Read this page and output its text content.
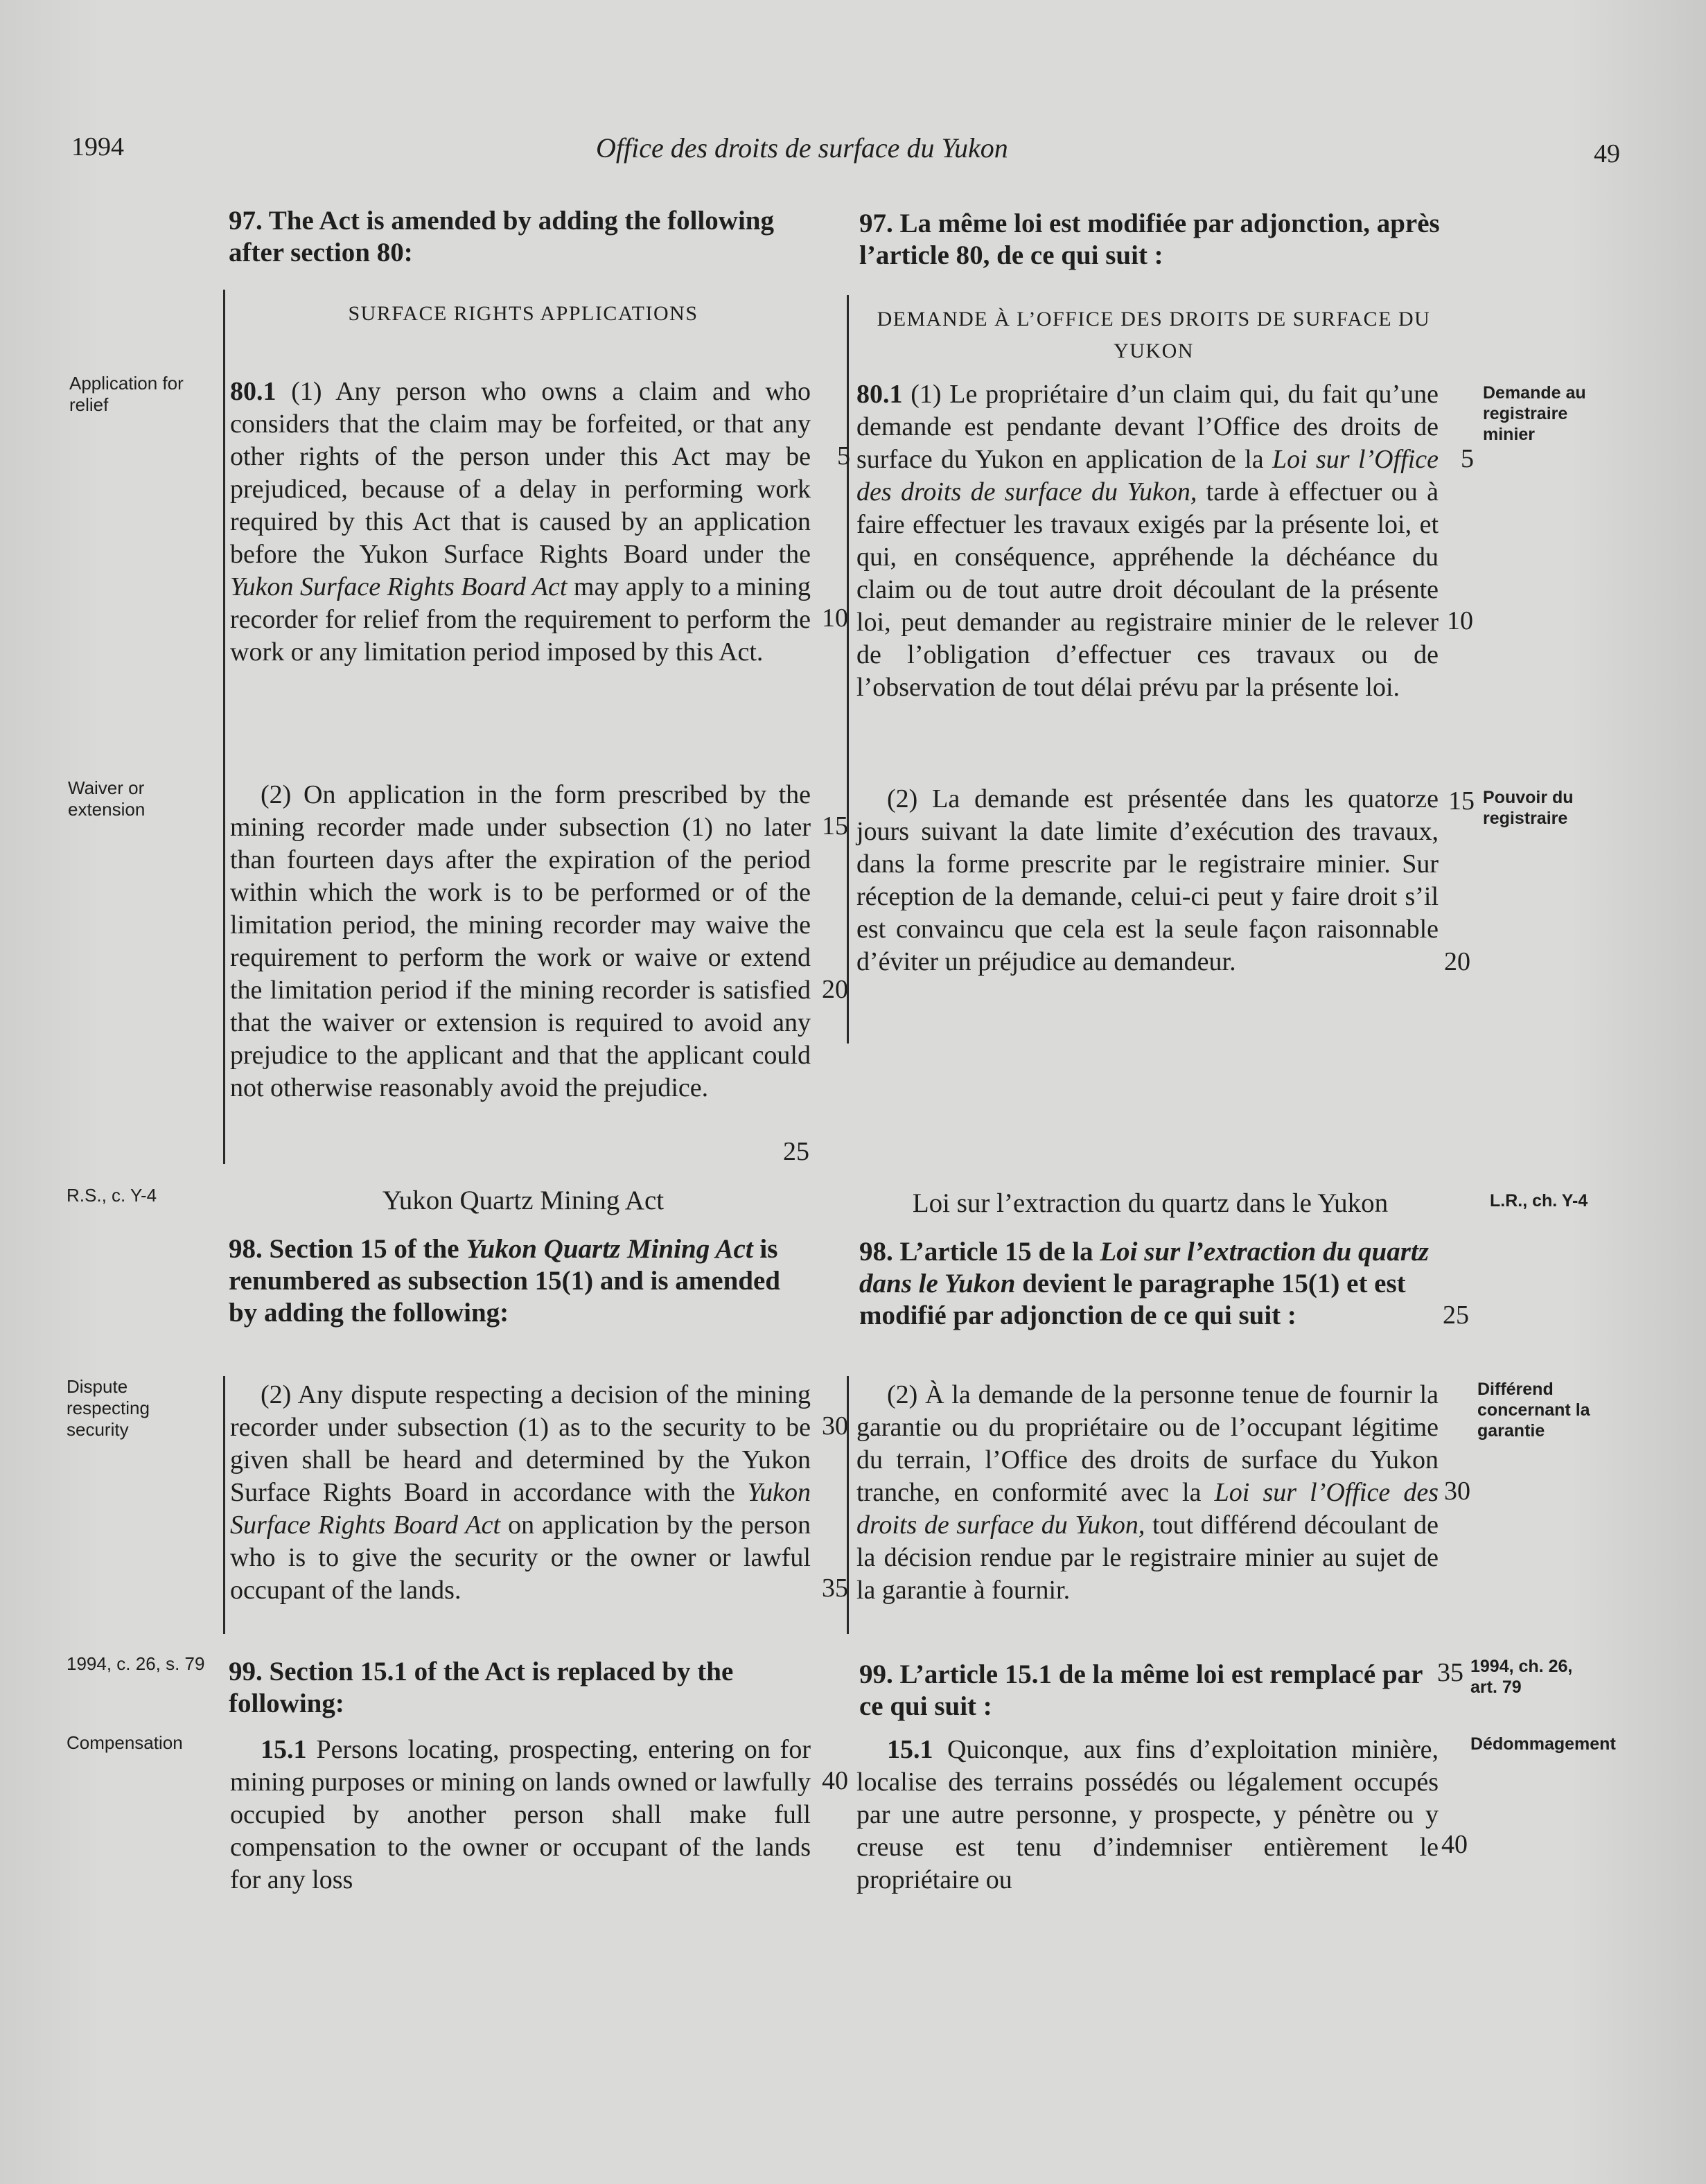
1994	Office des droits de surface du Yukon	49
97. The Act is amended by adding the following after section 80:
97. La même loi est modifiée par adjonction, après l’article 80, de ce qui suit :
SURFACE RIGHTS APPLICATIONS	DEMANDE À L’OFFICE DES DROITS DE SURFACE DU YUKON
80.1 (1) Any person who owns a claim and who considers that the claim may be forfeited, or that any other rights of the person under this Act may be prejudiced, because of a delay in performing work required by this Act that is caused by an application before the Yukon Surface Rights Board under the Yukon Surface Rights Board Act may apply to a mining recorder for relief from the requirement to perform the work or any limitation period imposed by this Act.
80.1 (1) Le propriétaire d’un claim qui, du fait qu’une demande est pendante devant l’Office des droits de surface du Yukon en application de la Loi sur l’Office des droits de surface du Yukon, tarde à effectuer ou à faire effectuer les travaux exigés par la présente loi, et qui, en conséquence, appréhende la déchéance du claim ou de tout autre droit découlant de la présente loi, peut demander au registraire minier de le relever de l’obligation d’effectuer ces travaux ou de l’observation de tout délai prévu par la présente loi.
(2) On application in the form prescribed by the mining recorder made under subsection (1) no later than fourteen days after the expiration of the period within which the work is to be performed or of the limitation period, the mining recorder may waive the requirement to perform the work or waive or extend the limitation period if the mining recorder is satisfied that the waiver or extension is required to avoid any prejudice to the applicant and that the applicant could not otherwise reasonably avoid the prejudice.
(2) La demande est présentée dans les quatorze jours suivant la date limite d’exécution des travaux, dans la forme prescrite par le registraire minier. Sur réception de la demande, celui-ci peut y faire droit s’il est convaincu que cela est la seule façon raisonnable d’éviter un préjudice au demandeur.
Yukon Quartz Mining Act	Loi sur l’extraction du quartz dans le Yukon
98. Section 15 of the Yukon Quartz Mining Act is renumbered as subsection 15(1) and is amended by adding the following:
98. L’article 15 de la Loi sur l’extraction du quartz dans le Yukon devient le paragraphe 15(1) et est modifié par adjonction de ce qui suit :
(2) Any dispute respecting a decision of the mining recorder under subsection (1) as to the security to be given shall be heard and determined by the Yukon Surface Rights Board in accordance with the Yukon Surface Rights Board Act on application by the person who is to give the security or the owner or lawful occupant of the lands.
(2) À la demande de la personne tenue de fournir la garantie ou du propriétaire ou de l’occupant légitime du terrain, l’Office des droits de surface du Yukon tranche, en conformité avec la Loi sur l’Office des droits de surface du Yukon, tout différend découlant de la décision rendue par le registraire minier au sujet de la garantie à fournir.
99. Section 15.1 of the Act is replaced by the following:
99. L’article 15.1 de la même loi est remplacé par ce qui suit :
15.1 Persons locating, prospecting, entering on for mining purposes or mining on lands owned or lawfully occupied by another person shall make full compensation to the owner or occupant of the lands for any loss
15.1 Quiconque, aux fins d’exploitation minière, localise des terrains possédés ou légalement occupés par une autre personne, y prospecte, y pénètre ou y creuse est tenu d’indemniser entièrement le propriétaire ou
Application for relief
Waiver or extension
R.S., c. Y-4
Dispute respecting security
1994, c. 26, s. 79
Compensation
Demande au registraire minier
Pouvoir du registraire
L.R., ch. Y-4
Différend concernant la garantie
1994, ch. 26, art. 79
Dédommagement
5
10
15
20
25
30
35
40
5
10
15
20
25
30
35
40
